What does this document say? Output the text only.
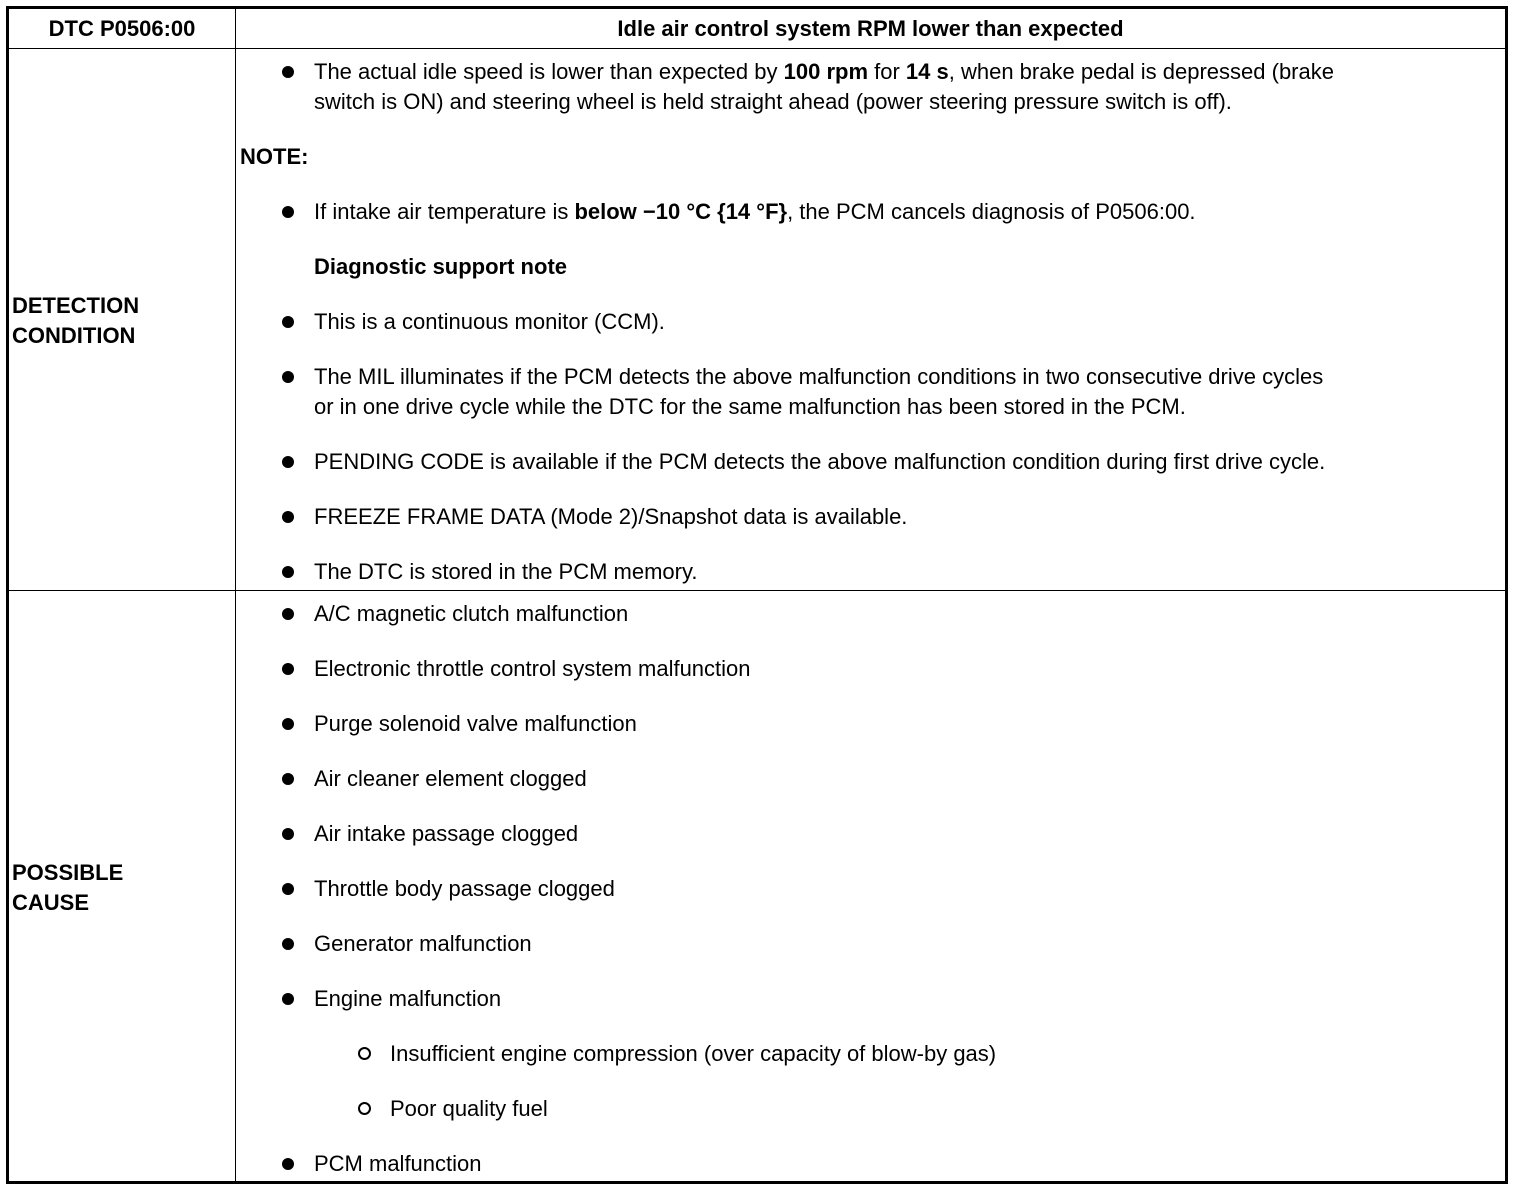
DTC P0506:00	Idle air control system RPM lower than expected
DETECTION
CONDITION
The actual idle speed is lower than expected by 100 rpm for 14 s, when brake pedal is depressed (brake
switch is ON) and steering wheel is held straight ahead (power steering pressure switch is off).
NOTE:
If intake air temperature is below −10 °C {14 °F}, the PCM cancels diagnosis of P0506:00.
Diagnostic support note
This is a continuous monitor (CCM).
The MIL illuminates if the PCM detects the above malfunction conditions in two consecutive drive cycles
or in one drive cycle while the DTC for the same malfunction has been stored in the PCM.
PENDING CODE is available if the PCM detects the above malfunction condition during first drive cycle.
FREEZE FRAME DATA (Mode 2)/Snapshot data is available.
The DTC is stored in the PCM memory.
POSSIBLE
CAUSE
A/C magnetic clutch malfunction
Electronic throttle control system malfunction
Purge solenoid valve malfunction
Air cleaner element clogged
Air intake passage clogged
Throttle body passage clogged
Generator malfunction
Engine malfunction
Insufficient engine compression (over capacity of blow-by gas)
Poor quality fuel
PCM malfunction
